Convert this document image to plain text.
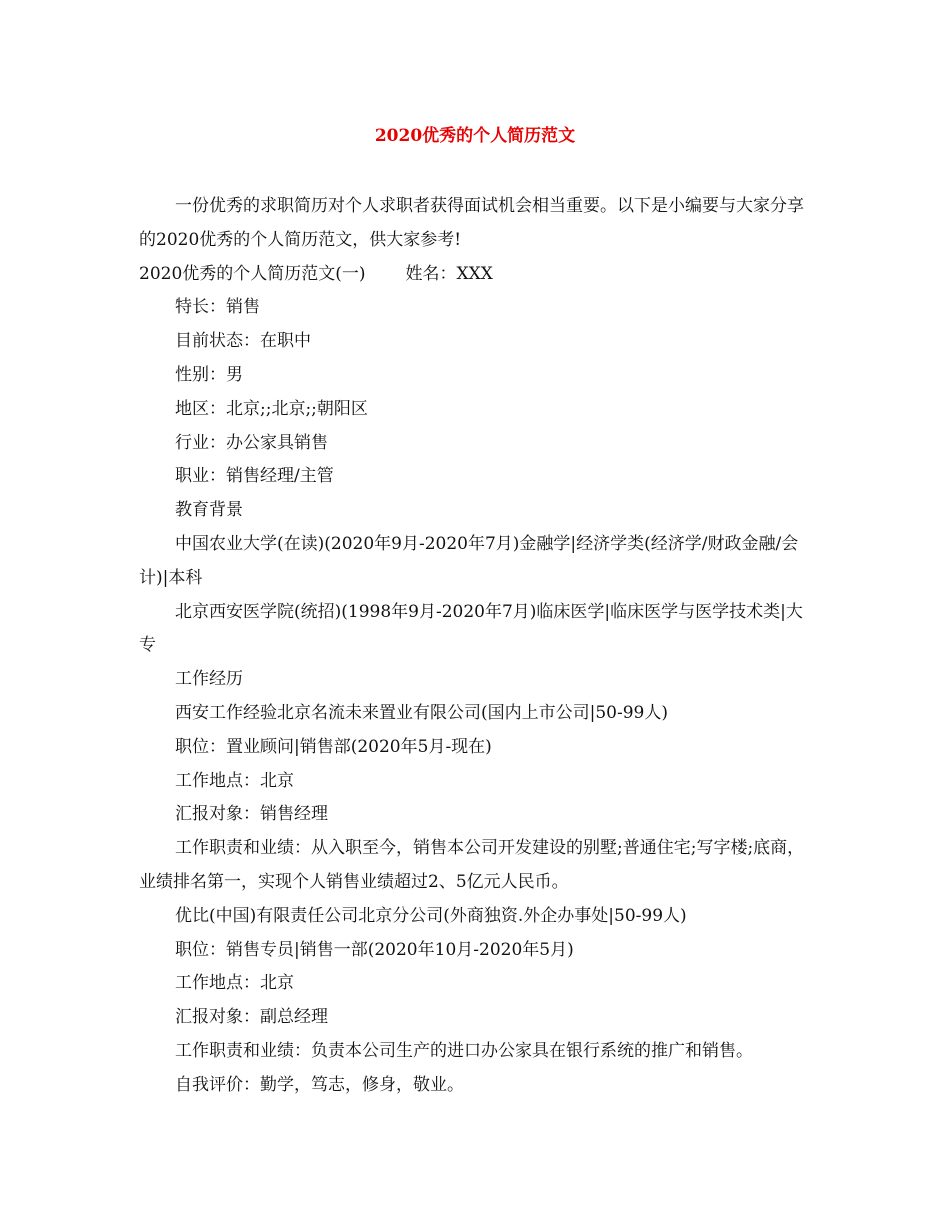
2020优秀的个人简历范文

一份优秀的求职简历对个人求职者获得面试机会相当重要。以下是小编要与大家分享的2020优秀的个人简历范文，供大家参考!

2020优秀的个人简历范文(一) 姓名：XXX

特长：销售

目前状态：在职中

性别：男

地区：北京;;北京;;朝阳区

行业：办公家具销售

职业：销售经理/主管

教育背景

中国农业大学(在读)(2020年9月-2020年7月)金融学|经济学类(经济学/财政金融/会计)|本科

北京西安医学院(统招)(1998年9月-2020年7月)临床医学|临床医学与医学技术类|大专

工作经历

西安工作经验北京名流未来置业有限公司(国内上市公司|50-99人)

职位：置业顾问|销售部(2020年5月-现在)

工作地点：北京

汇报对象：销售经理

工作职责和业绩：从入职至今，销售本公司开发建设的别墅;普通住宅;写字楼;底商，业绩排名第一，实现个人销售业绩超过2、5亿元人民币。

优比(中国)有限责任公司北京分公司(外商独资.外企办事处|50-99人)

职位：销售专员|销售一部(2020年10月-2020年5月)

工作地点：北京

汇报对象：副总经理

工作职责和业绩：负责本公司生产的进口办公家具在银行系统的推广和销售。

自我评价：勤学，笃志，修身，敬业。
